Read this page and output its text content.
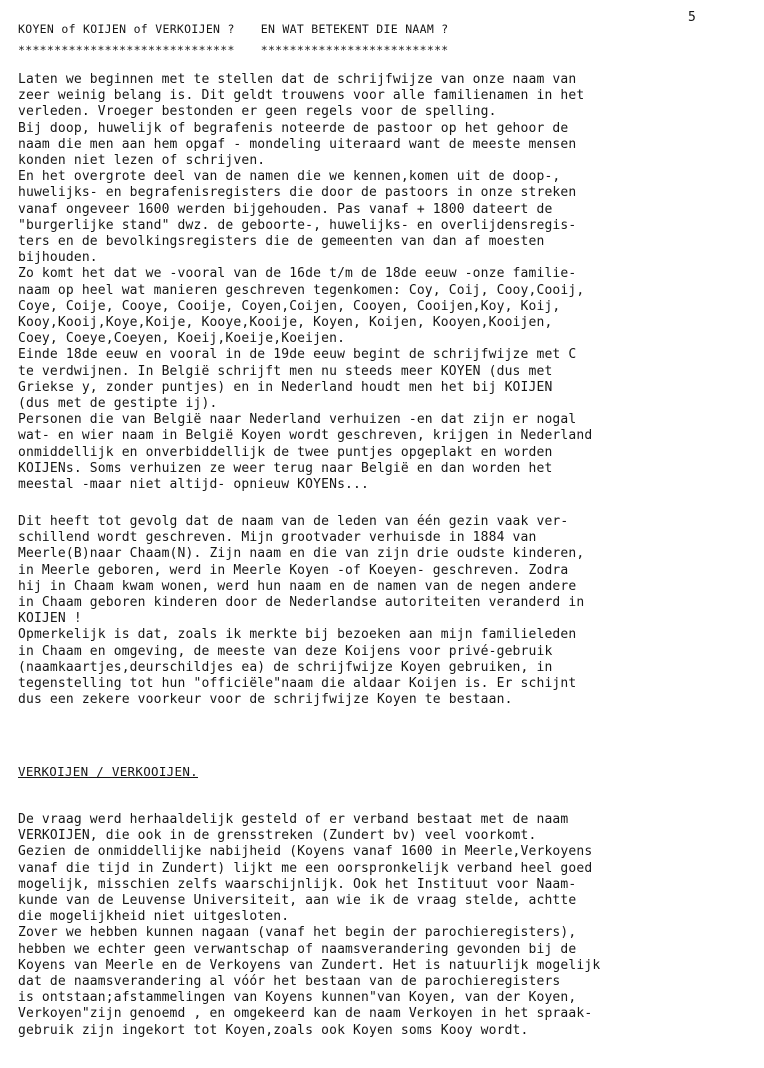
5
KOYEN of KOIJEN of VERKOIJEN ? EN WAT BETEKENT DIE NAAM ?
****************************** **************************
Laten we beginnen met te stellen dat de schrijfwijze van onze naam van
zeer weinig belang is. Dit geldt trouwens voor alle familienamen in het
verleden. Vroeger bestonden er geen regels voor de spelling.
Bij doop, huwelijk of begrafenis noteerde de pastoor op het gehoor de
naam die men aan hem opgaf - mondeling uiteraard want de meeste mensen
konden niet lezen of schrijven.
En het overgrote deel van de namen die we kennen,komen uit de doop-,
huwelijks- en begrafenisregisters die door de pastoors in onze streken
vanaf ongeveer 1600 werden bijgehouden. Pas vanaf + 1800 dateert de
"burgerlijke stand" dwz. de geboorte-, huwelijks- en overlijdensregis-
ters en de bevolkingsregisters die de gemeenten van dan af moesten
bijhouden.
Zo komt het dat we -vooral van de 16de t/m de 18de eeuw -onze familie-
naam op heel wat manieren geschreven tegenkomen: Coy, Coij, Cooy,Cooij,
Coye, Coije, Cooye, Cooije, Coyen,Coijen, Cooyen, Cooijen,Koy, Koij,
Kooy,Kooij,Koye,Koije, Kooye,Kooije, Koyen, Koijen, Kooyen,Kooijen,
Coey, Coeye,Coeyen, Koeij,Koeije,Koeijen.
Einde 18de eeuw en vooral in de 19de eeuw begint de schrijfwijze met C
te verdwijnen. In België schrijft men nu steeds meer KOYEN (dus met
Griekse y, zonder puntjes) en in Nederland houdt men het bij KOIJEN
(dus met de gestipte ij).
Personen die van België naar Nederland verhuizen -en dat zijn er nogal
wat- en wier naam in België Koyen wordt geschreven, krijgen in Nederland
onmiddellijk en onverbiddellijk de twee puntjes opgeplakt en worden
KOIJENs. Soms verhuizen ze weer terug naar België en dan worden het
meestal -maar niet altijd- opnieuw KOYENs...
Dit heeft tot gevolg dat de naam van de leden van één gezin vaak ver-
schillend wordt geschreven. Mijn grootvader verhuisde in 1884 van
Meerle(B)naar Chaam(N). Zijn naam en die van zijn drie oudste kinderen,
in Meerle geboren, werd in Meerle Koyen -of Koeyen- geschreven. Zodra
hij in Chaam kwam wonen, werd hun naam en de namen van de negen andere
in Chaam geboren kinderen door de Nederlandse autoriteiten veranderd in
KOIJEN !
Opmerkelijk is dat, zoals ik merkte bij bezoeken aan mijn familieleden
in Chaam en omgeving, de meeste van deze Koijens voor privé-gebruik
(naamkaartjes,deurschildjes ea) de schrijfwijze Koyen gebruiken, in
tegenstelling tot hun "officiële"naam die aldaar Koijen is. Er schijnt
dus een zekere voorkeur voor de schrijfwijze Koyen te bestaan.
VERKOIJEN / VERKOOIJEN.
De vraag werd herhaaldelijk gesteld of er verband bestaat met de naam
VERKOIJEN, die ook in de grensstreken (Zundert bv) veel voorkomt.
Gezien de onmiddellijke nabijheid (Koyens vanaf 1600 in Meerle,Verkoyens
vanaf die tijd in Zundert) lijkt me een oorspronkelijk verband heel goed
mogelijk, misschien zelfs waarschijnlijk. Ook het Instituut voor Naam-
kunde van de Leuvense Universiteit, aan wie ik de vraag stelde, achtte
die mogelijkheid niet uitgesloten.
Zover we hebben kunnen nagaan (vanaf het begin der parochieregisters),
hebben we echter geen verwantschap of naamsverandering gevonden bij de
Koyens van Meerle en de Verkoyens van Zundert. Het is natuurlijk mogelijk
dat de naamsverandering al vóór het bestaan van de parochieregisters
is ontstaan;afstammelingen van Koyens kunnen"van Koyen, van der Koyen,
Verkoyen"zijn genoemd , en omgekeerd kan de naam Verkoyen in het spraak-
gebruik zijn ingekort tot Koyen,zoals ook Koyen soms Kooy wordt.
